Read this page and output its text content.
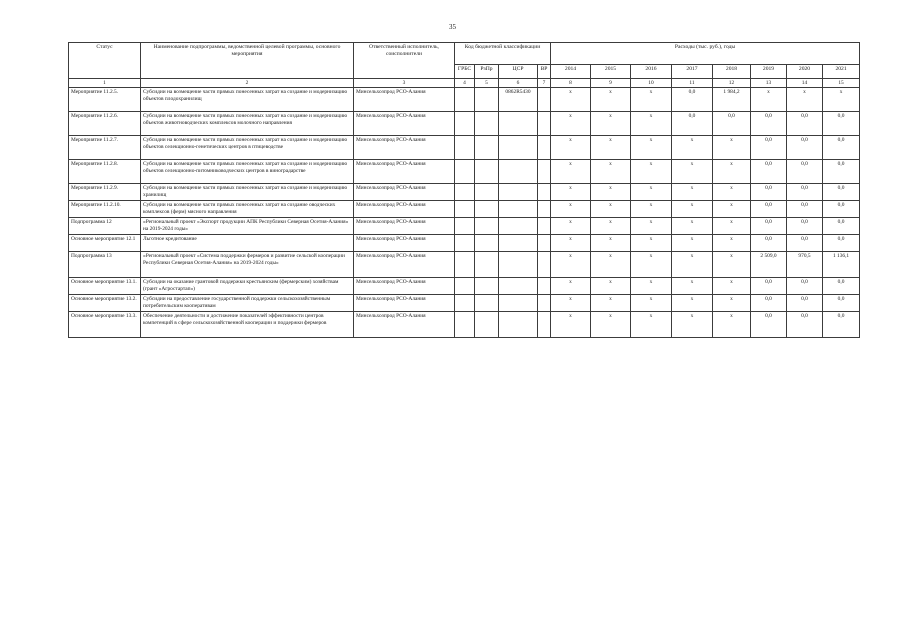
35
Статус	Наименование подпрограммы, ведомственной целевой программы, основного мероприятия	Ответственный исполнитель, соисполнители	Код бюджетной классификации				Расходы (тыс. руб.), годы							
			ГРБС	РзПр	ЦСР	ВР	2014	2015	2016	2017	2018	2019	2020	2021
1	2	3	4	5	6	7	8	9	10	11	12	13	14	15
Мероприятие 11.2.5.	Субсидии на возмещение части прямых понесенных затрат на создание и модернизацию объектов плодохранилищ	Минсельхозпрод РСО-Алания			0862R5430		х	х	х	0,0	1 984,2	х	х	х
Мероприятие 11.2.6.	Субсидии на возмещение части прямых понесенных затрат на создание и модернизацию объектов животноводческих комплексов молочного направления	Минсельхозпрод РСО-Алания					х	х	х	0,0	0,0	0,0	0,0	0,0
Мероприятие 11.2.7.	Субсидии на возмещение части прямых понесенных затрат на создание и модернизацию объектов селекционно-генетических центров в птицеводстве	Минсельхозпрод РСО-Алания					х	х	х	х	х	0,0	0,0	0,0
Мероприятие 11.2.8.	Субсидии на возмещение части прямых понесенных затрат на создание и модернизацию объектов селекционно-питомниководческих центров в виноградарстве	Минсельхозпрод РСО-Алания					х	х	х	х	х	0,0	0,0	0,0
Мероприятие 11.2.9.	Субсидии на возмещение части прямых понесенных затрат на создание и модернизацию хранилищ	Минсельхозпрод РСО-Алания					х	х	х	х	х	0,0	0,0	0,0
Мероприятие 11.2.10.	Субсидии на возмещение части прямых понесенных затрат на создание оводческих комплексов (ферм) мясного направления	Минсельхозпрод РСО-Алания					х	х	х	х	х	0,0	0,0	0,0
Подпрограмма 12	«Региональный проект «Экспорт продукции АПК Республики Северная Осетия-Алания» на 2019-2024 годы»	Минсельхозпрод РСО-Алания					х	х	х	х	х	0,0	0,0	0,0
Основное мероприятие 12.1	Льготное кредитование	Минсельхозпрод РСО-Алания					х	х	х	х	х	0,0	0,0	0,0
Подпрограмма 13	«Региональный проект «Система поддержки фермеров и развитие сельской кооперации Республики Северная Осетия-Алания» на 2019-2024 годы»	Минсельхозпрод РСО-Алания					х	х	х	х	х	2 509,0	970,5	1 136,1
Основное мероприятие 13.1.	Субсидии на оказание грантовой поддержки крестьянским (фермерским) хозяйствам (грант «Агростартап»)	Минсельхозпрод РСО-Алания					х	х	х	х	х	0,0	0,0	0,0
Основное мероприятие 13.2.	Субсидии на предоставление государственной поддержки сельскохозяйственным потребительским кооперативам	Минсельхозпрод РСО-Алания					х	х	х	х	х	0,0	0,0	0,0
Основное мероприятие 13.3.	Обеспечение деятельности и достижение показателей эффективности центров компетенций в сфере сельскохозяйственной кооперации и поддержки фермеров	Минсельхозпрод РСО-Алания					х	х	х	х	х	0,0	0,0	0,0
